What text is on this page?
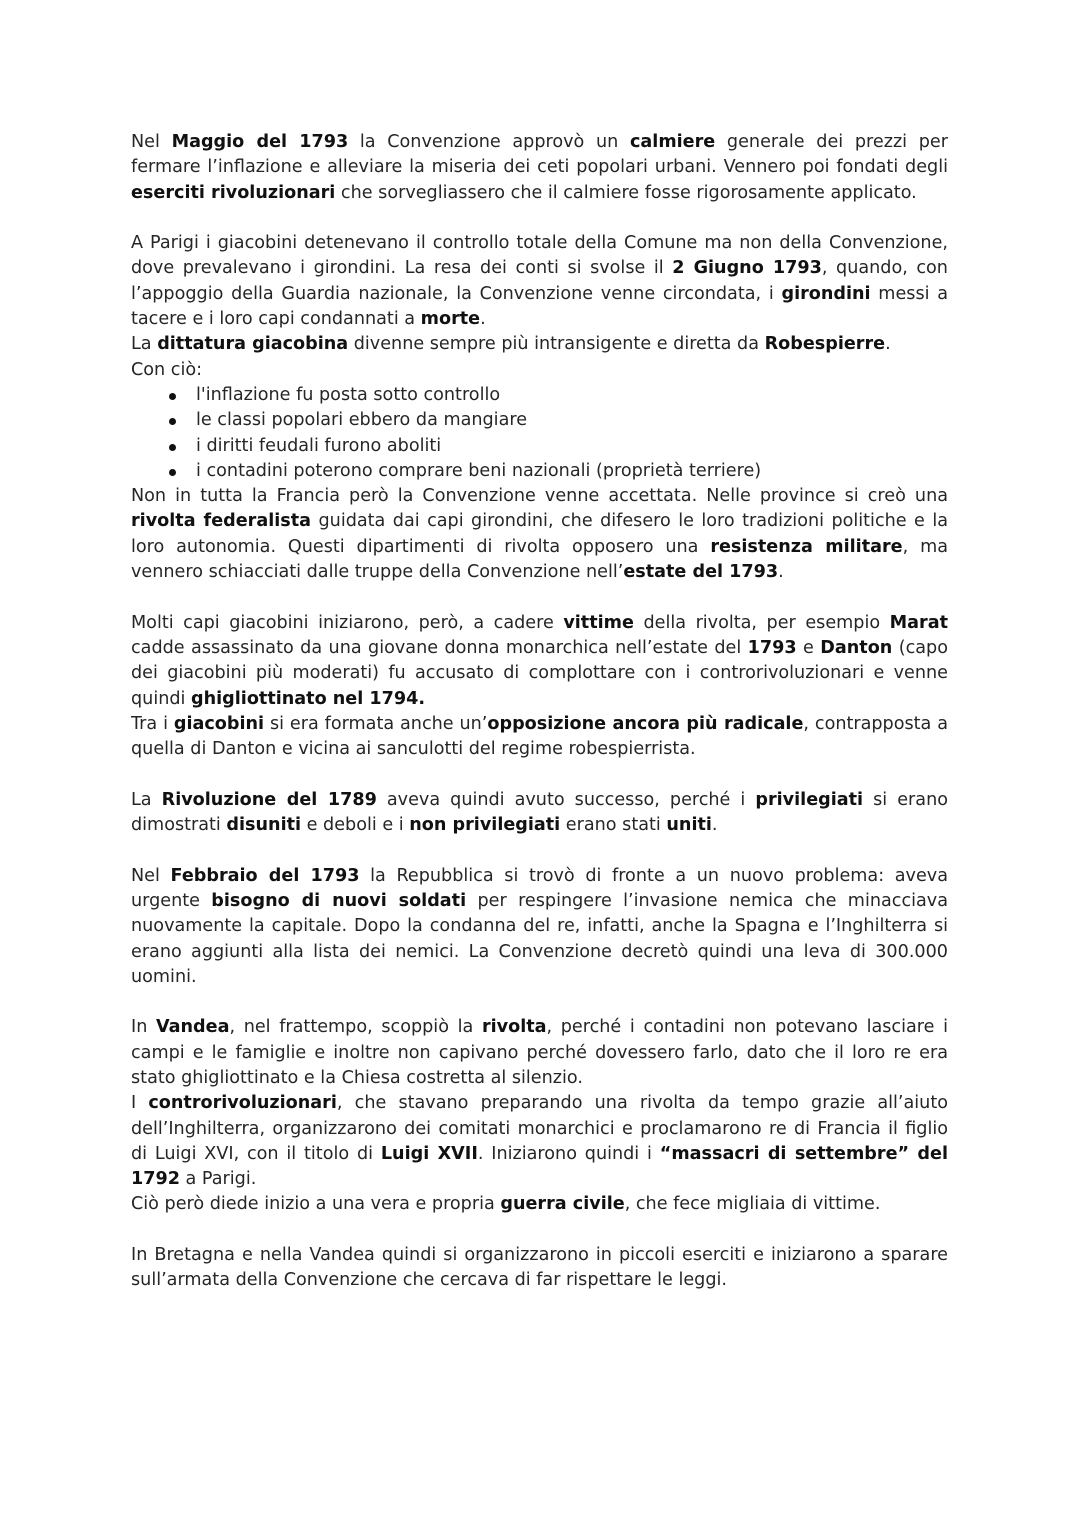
Nel Maggio del 1793 la Convenzione approvò un calmiere generale dei prezzi per fermare l’inflazione e alleviare la miseria dei ceti popolari urbani. Vennero poi fondati degli eserciti rivoluzionari che sorvegliassero che il calmiere fosse rigorosamente applicato.

A Parigi i giacobini detenevano il controllo totale della Comune ma non della Convenzione, dove prevalevano i girondini. La resa dei conti si svolse il 2 Giugno 1793, quando, con l’appoggio della Guardia nazionale, la Convenzione venne circondata, i girondini messi a tacere e i loro capi condannati a morte.

La dittatura giacobina divenne sempre più intransigente e diretta da Robespierre.

Con ciò:

l'inflazione fu posta sotto controllo
le classi popolari ebbero da mangiare
i diritti feudali furono aboliti
i contadini poterono comprare beni nazionali (proprietà terriere)

Non in tutta la Francia però la Convenzione venne accettata. Nelle province si creò una rivolta federalista guidata dai capi girondini, che difesero le loro tradizioni politiche e la loro autonomia. Questi dipartimenti di rivolta opposero una resistenza militare, ma vennero schiacciati dalle truppe della Convenzione nell’estate del 1793.

Molti capi giacobini iniziarono, però, a cadere vittime della rivolta, per esempio Marat cadde assassinato da una giovane donna monarchica nell’estate del 1793 e Danton (capo dei giacobini più moderati) fu accusato di complottare con i controrivoluzionari e venne quindi ghigliottinato nel 1794.

Tra i giacobini si era formata anche un’opposizione ancora più radicale, contrapposta a quella di Danton e vicina ai sanculotti del regime robespierrista.

La Rivoluzione del 1789 aveva quindi avuto successo, perché i privilegiati si erano dimostrati disuniti e deboli e i non privilegiati erano stati uniti.

Nel Febbraio del 1793 la Repubblica si trovò di fronte a un nuovo problema: aveva urgente bisogno di nuovi soldati per respingere l’invasione nemica che minacciava nuovamente la capitale. Dopo la condanna del re, infatti, anche la Spagna e l’Inghilterra si erano aggiunti alla lista dei nemici. La Convenzione decretò quindi una leva di 300.000 uomini.

In Vandea, nel frattempo, scoppiò la rivolta, perché i contadini non potevano lasciare i campi e le famiglie e inoltre non capivano perché dovessero farlo, dato che il loro re era stato ghigliottinato e la Chiesa costretta al silenzio.

I controrivoluzionari, che stavano preparando una rivolta da tempo grazie all’aiuto dell’Inghilterra, organizzarono dei comitati monarchici e proclamarono re di Francia il figlio di Luigi XVI, con il titolo di Luigi XVII. Iniziarono quindi i “massacri di settembre” del 1792 a Parigi.

Ciò però diede inizio a una vera e propria guerra civile, che fece migliaia di vittime.

In Bretagna e nella Vandea quindi si organizzarono in piccoli eserciti e iniziarono a sparare sull’armata della Convenzione che cercava di far rispettare le leggi.
